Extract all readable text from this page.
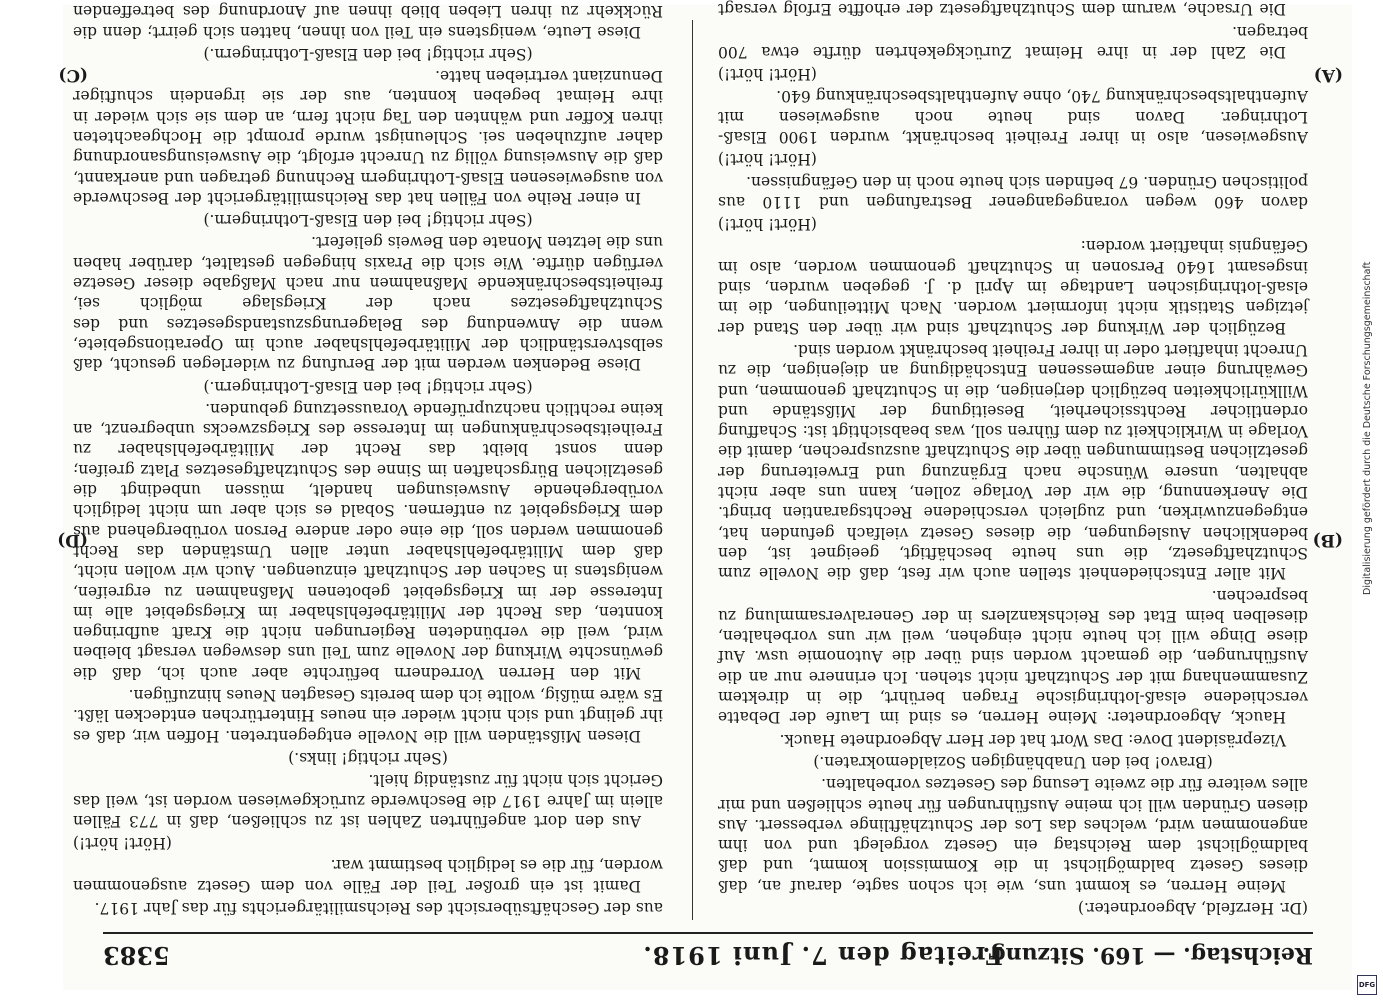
Reichstag. — 169. Sitzung.
Freitag den 7. Juni 1918.
5383

(Dr. Herzfeld, Abgeordneter.)

Meine Herren, es kommt uns, wie ich schon sagte, darauf an, daß dieses Gesetz baldmöglichst in die Kommission kommt, und daß baldmöglichst dem Reichstag ein Gesetz vorgelegt und von ihm angenommen wird, welches das Los der Schutzhäftlinge verbessert. Aus diesen Gründen will ich meine Ausführungen für heute schließen und mir alles weitere für die zweite Lesung des Gesetzes vorbehalten.

(Bravo! bei den Unabhängigen Sozialdemokraten.)

Vizepräsident Dove: Das Wort hat der Herr Abgeordnete Hauck.

Hauck, Abgeordneter: Meine Herren, es sind im Laufe der Debatte verschiedene elsaß-lothringische Fragen berührt, die in direktem Zusammenhang mit der Schutzhaft nicht stehen. Ich erinnere nur an die Ausführungen, die gemacht worden sind über die Autonomie usw. Auf diese Dinge will ich heute nicht eingehen, weil wir uns vorbehalten, dieselben beim Etat des Reichskanzlers in der Generalversammlung zu besprechen.

Mit aller Entschiedenheit stellen auch wir fest, daß die Novelle zum Schutzhaftgesetz, die uns heute beschäftigt, geeignet ist, den bedenklichen Auslegungen, die dieses Gesetz vielfach gefunden hat, entgegenzuwirken, und zugleich verschiedene Rechtsgarantien bringt. Die Anerkennung, die wir der Vorlage zollen, kann uns aber nicht abhalten, unsere Wünsche nach Ergänzung und Erweiterung der gesetzlichen Bestimmungen über die Schutzhaft auszusprechen, damit die Vorlage in Wirklichkeit zu dem führen soll, was beabsichtigt ist: Schaffung ordentlicher Rechtssicherheit, Beseitigung der Mißstände und Willkürlichkeiten bezüglich derjenigen, die in Schutzhaft genommen, und Gewährung einer angemessenen Entschädigung an diejenigen, die zu Unrecht inhaftiert oder in ihrer Freiheit beschränkt worden sind.

Bezüglich der Wirkung der Schutzhaft sind wir über den Stand der jetzigen Statistik nicht informiert worden. Nach Mitteilungen, die im elsaß-lothringischen Landtage im April d. J. gegeben wurden, sind insgesamt 1640 Personen in Schutzhaft genommen worden, also im Gefängnis inhaftiert worden:

(Hört! hört!)

davon 460 wegen vorangegangener Bestrafungen und 1110 aus politischen Gründen. 67 befinden sich heute noch in den Gefängnissen.

(Hört! hört!)

Ausgewiesen, also in ihrer Freiheit beschränkt, wurden 1900 Elsaß-Lothringer. Davon sind heute noch ausgewiesen mit Aufenthaltsbeschränkung 740, ohne Aufenthaltsbeschränkung 640.

(Hört! hört!)

Die Zahl der in ihre Heimat Zurückgekehrten dürfte etwa 700 betragen.

Die Ursache, warum dem Schutzhaftgesetz der erhoffte Erfolg versagt

aus der Geschäftsübersicht des Reichsmilitärgerichts für das Jahr 1917.

Damit ist ein großer Teil der Fälle von dem Gesetz ausgenommen worden, für die es lediglich bestimmt war.

(Hört! hört!)

Aus den dort angeführten Zahlen ist zu schließen, daß in 773 Fällen allein im Jahre 1917 die Beschwerde zurückgewiesen worden ist, weil das Gericht sich nicht für zuständig hielt.

(Sehr richtig! links.)

Diesen Mißständen will die Novelle entgegentreten. Hoffen wir, daß es ihr gelingt und sich nicht wieder ein neues Hintertürchen entdecken läßt. Es wäre müßig, wollte ich dem bereits Gesagten Neues hinzufügen.

Mit den Herren Vorrednern befürchte aber auch ich, daß die gewünschte Wirkung der Novelle zum Teil uns deswegen versagt bleiben wird, weil die verbündeten Regierungen nicht die Kraft aufbringen konnten, das Recht der Militärbefehlshaber im Kriegsgebiet alle im Interesse der im Kriegsgebiet gebotenen Maßnahmen zu ergreifen, wenigstens in Sachen der Schutzhaft einzuengen. Auch wir wollen nicht, daß dem Militärbefehlshaber unter allen Umständen das Recht genommen werden soll, die eine oder andere Person vorübergehend aus dem Kriegsgebiet zu entfernen. Sobald es sich aber um nicht lediglich vorübergehende Ausweisungen handelt, müssen unbedingt die gesetzlichen Bürgschaften im Sinne des Schutzhaftgesetzes Platz greifen; denn sonst bleibt das Recht der Militärbefehlshaber zu Freiheitsbeschränkungen im Interesse des Kriegszwecks unbegrenzt, an keine rechtlich nachzuprüfende Voraussetzung gebunden.

(Sehr richtig! bei den Elsaß-Lothringern.)

Diese Bedenken werden mit der Berufung zu widerlegen gesucht, daß selbstverständlich der Militärbefehlshaber auch im Operationsgebiete, wenn die Anwendung des Belagerungszustandsgesetzes und des Schutzhaftgesetzes nach der Kriegslage möglich sei, freiheitsbeschränkende Maßnahmen nur nach Maßgabe dieser Gesetze verfügen dürfte. Wie sich die Praxis hingegen gestaltet, darüber haben uns die letzten Monate den Beweis geliefert.

(Sehr richtig! bei den Elsaß-Lothringern.)

In einer Reihe von Fällen hat das Reichsmilitärgericht der Beschwerde von ausgewiesenen Elsaß-Lothringern Rechnung getragen und anerkannt, daß die Ausweisung völlig zu Unrecht erfolgt, die Ausweisungsanordnung daher aufzuheben sei. Schleunigst wurde prompt die Hochgeachteten ihren Koffer und wähnten den Tag nicht fern, an dem sie sich wieder in ihre Heimat begeben konnten, aus der sie irgendein schuftiger Denunziant vertrieben hatte.

(Sehr richtig! bei den Elsaß-Lothringern.)

Diese Leute, wenigstens ein Teil von ihnen, hatten sich geirrt; denn die Rückkehr zu ihren Lieben blieb ihnen auf Anordnung des betreffenden

(A)
(B)
(C)
(D)	Digitalisierung gefördert durch die Deutsche Forschungsgemeinschaft
DFG
